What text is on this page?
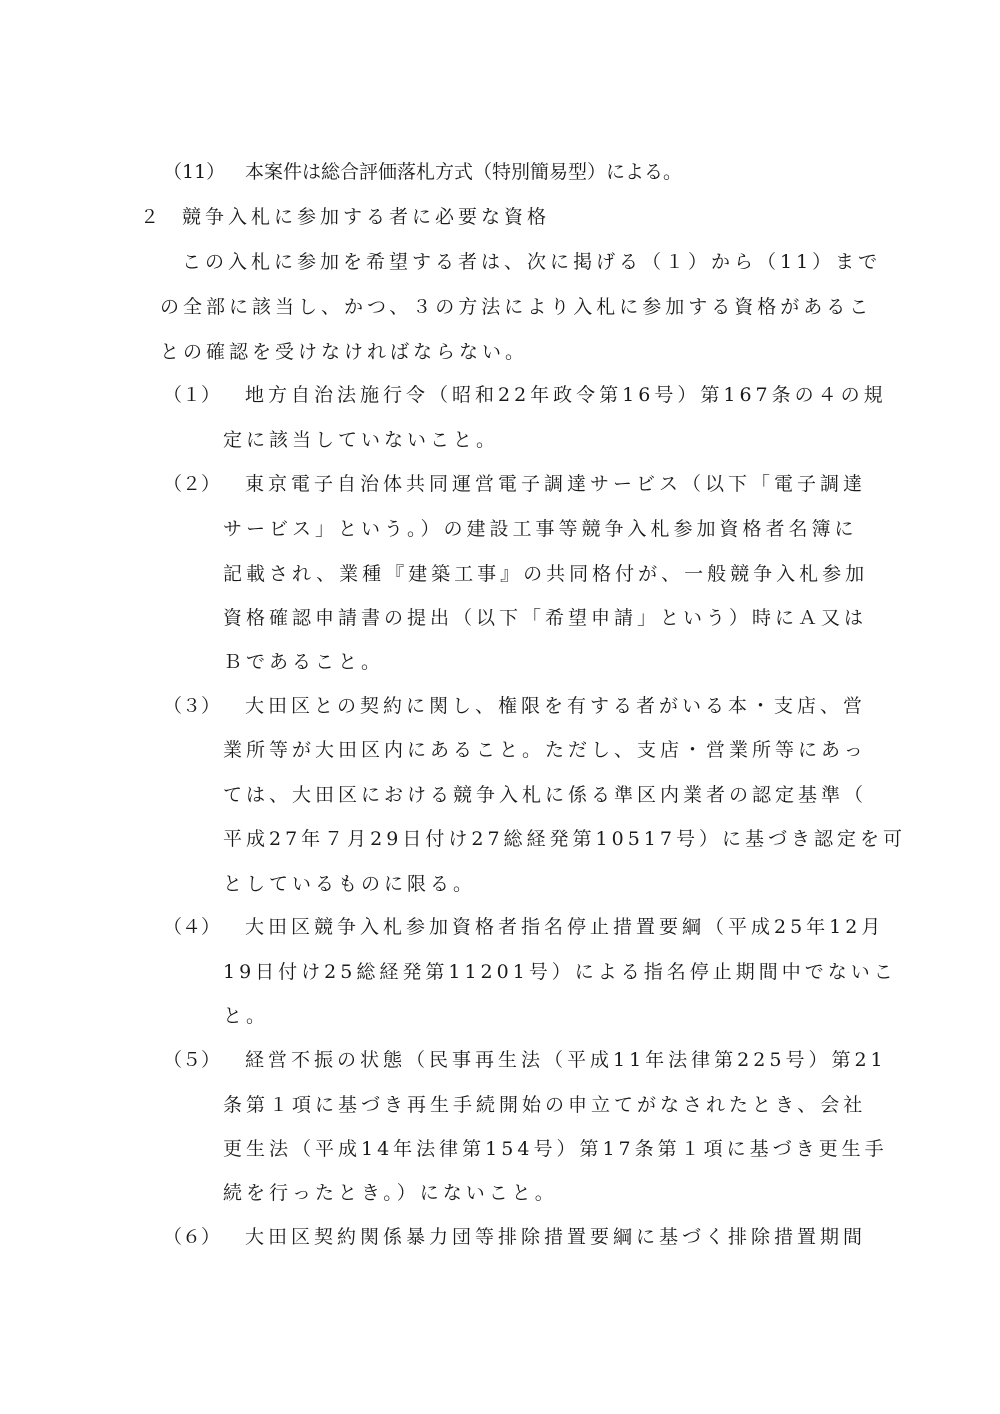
（11） 本案件は総合評価落札方式（特別簡易型）による。
２ 競争入札に参加する者に必要な資格
この入札に参加を希望する者は、次に掲げる（１）から（11）まで
の全部に該当し、かつ、３の方法により入札に参加する資格があるこ
との確認を受けなければならない。
（１） 地方自治法施行令（昭和22年政令第16号）第167条の４の規
定に該当していないこと。
（２） 東京電子自治体共同運営電子調達サービス（以下「電子調達
サービス」という。）の建設工事等競争入札参加資格者名簿に
記載され、業種『建築工事』の共同格付が、一般競争入札参加
資格確認申請書の提出（以下「希望申請」という）時にＡ又は
Ｂであること。
（３） 大田区との契約に関し、権限を有する者がいる本・支店、営
業所等が大田区内にあること。ただし、支店・営業所等にあっ
ては、大田区における競争入札に係る準区内業者の認定基準（
平成27年７月29日付け27総経発第10517号）に基づき認定を可
としているものに限る。
（４） 大田区競争入札参加資格者指名停止措置要綱（平成25年12月
19日付け25総経発第11201号）による指名停止期間中でないこ
と。
（５） 経営不振の状態（民事再生法（平成11年法律第225号）第21
条第１項に基づき再生手続開始の申立てがなされたとき、会社
更生法（平成14年法律第154号）第17条第１項に基づき更生手
続を行ったとき。）にないこと。
（６） 大田区契約関係暴力団等排除措置要綱に基づく排除措置期間
